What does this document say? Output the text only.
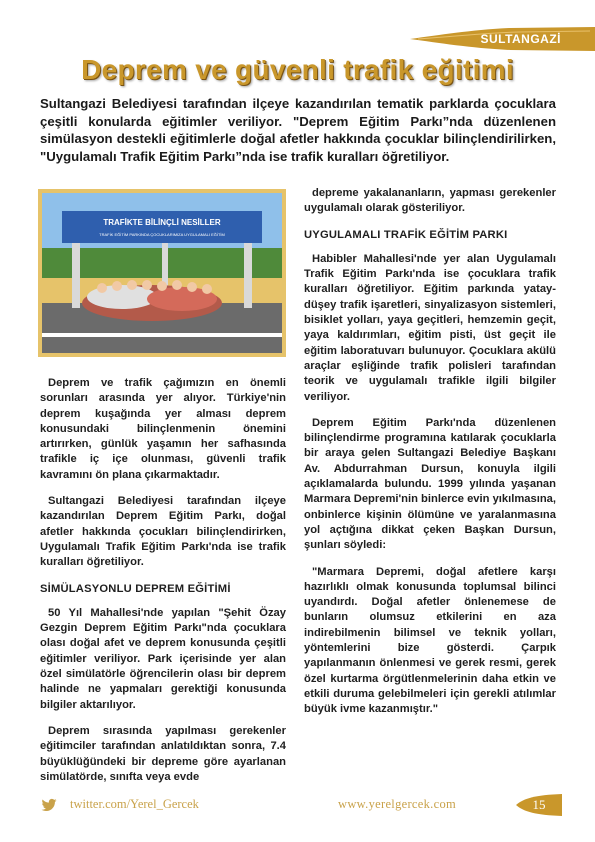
SULTANGAZİ
Deprem ve güvenli trafik eğitimi

Sultangazi Belediyesi tarafından ilçeye kazandırılan tematik parklarda çocuklara çeşitli konularda eğitimler veriliyor. "Deprem Eğitim Parkı”nda düzenlenen simülasyon destekli eğitimlerle doğal afetler hakkında çocuklar bilinçlendirilirken, "Uygulamalı Trafik Eğitim Parkı”nda ise trafik kuralları öğretiliyor.

TRAFİKTE BİLİNÇLİ NESİLLER
TRAFİK EĞİTİM PARKINDA ÇOCUKLARIMIZA UYGULAMALI EĞİTİM

Deprem ve trafik çağımızın en önemli sorunları arasında yer alıyor. Türkiye'nin deprem kuşağında yer alması deprem konusundaki bilinçlenmenin önemini artırırken, günlük yaşamın her safhasında trafikle iç içe olunması, güvenli trafik kavramını ön plana çıkarmaktadır.

Sultangazi Belediyesi tarafından ilçeye kazandırılan Deprem Eğitim Parkı, doğal afetler hakkında çocukları bilinçlendirirken, Uygulamalı Trafik Eğitim Parkı'nda ise trafik kuralları öğretiliyor.

SİMÜLASYONLU DEPREM EĞİTİMİ

50 Yıl Mahallesi'nde yapılan "Şehit Özay Gezgin Deprem Eğitim Parkı"nda çocuklara olası doğal afet ve deprem konusunda çeşitli eğitimler veriliyor. Park içerisinde yer alan özel simülatörle öğrencilerin olası bir deprem halinde ne yapmaları gerektiği konusunda bilgiler aktarılıyor.

Deprem sırasında yapılması gerekenler eğitimciler tarafından anlatıldıktan sonra, 7.4 büyüklüğündeki bir depreme göre ayarlanan simülatörde, sınıfta veya evde

depreme yakalananların, yapması gerekenler uygulamalı olarak gösteriliyor.

UYGULAMALI TRAFİK EĞİTİM PARKI

Habibler Mahallesi'nde yer alan Uygulamalı Trafik Eğitim Parkı'nda ise çocuklara trafik kuralları öğretiliyor. Eğitim parkında yatay-düşey trafik işaretleri, sinyalizasyon sistemleri, bisiklet yolları, yaya geçitleri, hemzemin geçit, yaya kaldırımları, eğitim pisti, üst geçit ile eğitim laboratuvarı bulunuyor. Çocuklara akülü araçlar eşliğinde trafik polisleri tarafından teorik ve uygulamalı trafikle ilgili bilgiler veriliyor.

Deprem Eğitim Parkı'nda düzenlenen bilinçlendirme programına katılarak çocuklarla bir araya gelen Sultangazi Belediye Başkanı Av. Abdurrahman Dursun, konuyla ilgili açıklamalarda bulundu. 1999 yılında yaşanan Marmara Depremi'nin binlerce evin yıkılmasına, onbinlerce kişinin ölümüne ve yaralanmasına yol açtığına dikkat çeken Başkan Dursun, şunları söyledi:

"Marmara Depremi, doğal afetlere karşı hazırlıklı olmak konusunda toplumsal bilinci uyandırdı. Doğal afetler önlenemese de bunların olumsuz etkilerini en aza indirebilmenin bilimsel ve teknik yolları, yöntemlerini bize gösterdi. Çarpık yapılanmanın önlenmesi ve gerek resmi, gerek özel kurtarma örgütlenmelerinin daha etkin ve etkili duruma gelebilmeleri için gerekli atılımlar büyük ivme kazanmıştır."

twitter.com/Yerel_Gercek	www.yerelgercek.com	15
